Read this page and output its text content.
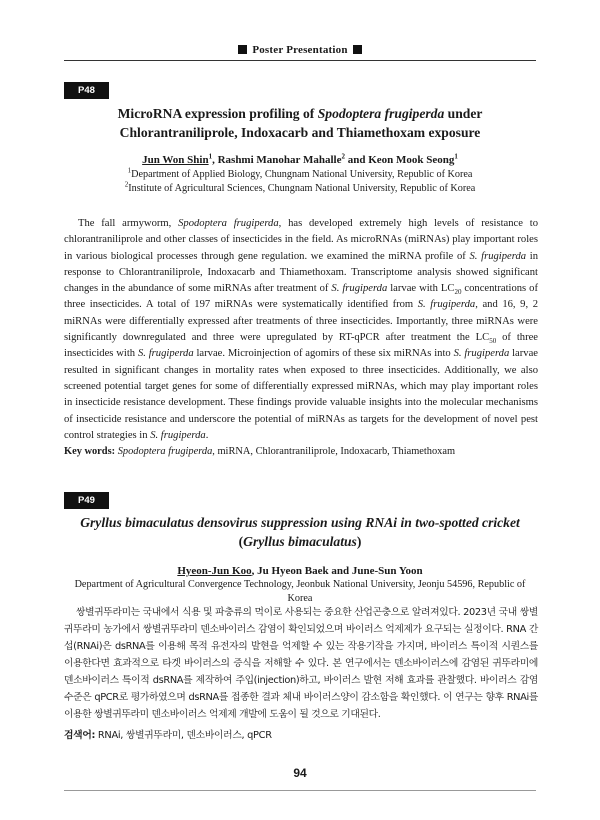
Poster Presentation
P48
MicroRNA expression profiling of Spodoptera frugiperda under Chlorantraniliprole, Indoxacarb and Thiamethoxam exposure
Jun Won Shin$^1$, Rashmi Manohar Mahalle$^2$ and Keon Mook Seong$^1$
$^1$Department of Applied Biology, Chungnam National University, Republic of Korea
$^2$Institute of Agricultural Sciences, Chungnam National University, Republic of Korea

The fall armyworm, Spodoptera frugiperda, has developed extremely high levels of resistance to chlorantraniliprole and other classes of insecticides in the field. As microRNAs (miRNAs) play important roles in various biological processes through gene regulation. we examined the miRNA profile of S. frugiperda in response to Chlorantraniliprole, Indoxacarb and Thiamethoxam. Transcriptome analysis showed significant changes in the abundance of some miRNAs after treatment of S. frugiperda larvae with $LC_{20}$ concentrations of three insecticides. A total of 197 miRNAs were systematically identified from S. frugiperda, and 16, 9, 2 miRNAs were differentially expressed after treatments of three insecticides. Importantly, three miRNAs were significantly downregulated and three were upregulated by RT-qPCR after treatment the $LC_{50}$ of three insecticides with S. frugiperda larvae. Microinjection of agomirs of these six miRNAs into S. frugiperda larvae resulted in significant changes in mortality rates when exposed to three insecticides. Additionally, we also screened potential target genes for some of differentially expressed miRNAs, which may play important roles in insecticide resistance development. These findings provide valuable insights into the molecular mechanisms of insecticide resistance and underscore the potential of miRNAs as targets for the development of novel pest control strategies in S. frugiperda.

Key words: Spodoptera frugiperda, miRNA, Chlorantraniliprole, Indoxacarb, Thiamethoxam
P49
Gryllus bimaculatus densovirus suppression using RNAi in two-spotted cricket
(Gryllus bimaculatus)
Hyeon-Jun Koo, Ju Hyeon Baek and June-Sun Yoon
Department of Agricultural Convergence Technology, Jeonbuk National University, Jeonju 54596, Republic of Korea

쌍별귀뚜라미는 국내에서 식용 및 파충류의 먹이로 사용되는 중요한 산업곤충으로 알려져있다. 2023년 국내 쌍별귀뚜라미 농가에서 쌍별귀뚜라미 덴소바이러스 감염이 확인되었으며 바이러스 억제제가 요구되는 실정이다. RNA 간섭(RNAi)은 dsRNA를 이용해 목적 유전자의 발현을 억제할 수 있는 작용기작을 가지며, 바이러스 특이적 시퀀스를 이용한다면 효과적으로 타겟 바이러스의 증식을 저해할 수 있다. 본 연구에서는 덴소바이러스에 감염된 귀뚜라미에 덴소바이러스 특이적 dsRNA를 제작하여 주입(injection)하고, 바이러스 발현 저해 효과를 관찰했다. 바이러스 감염 수준은 qPCR로 평가하였으며 dsRNA를 접종한 결과 체내 바이러스양이 감소함을 확인했다. 이 연구는 향후 RNAi를 이용한 쌍별귀뚜라미 덴소바이러스 억제제 개발에 도움이 될 것으로 기대된다.

검색어: RNAi, 쌍별귀뚜라미, 덴소바이러스, qPCR
94
